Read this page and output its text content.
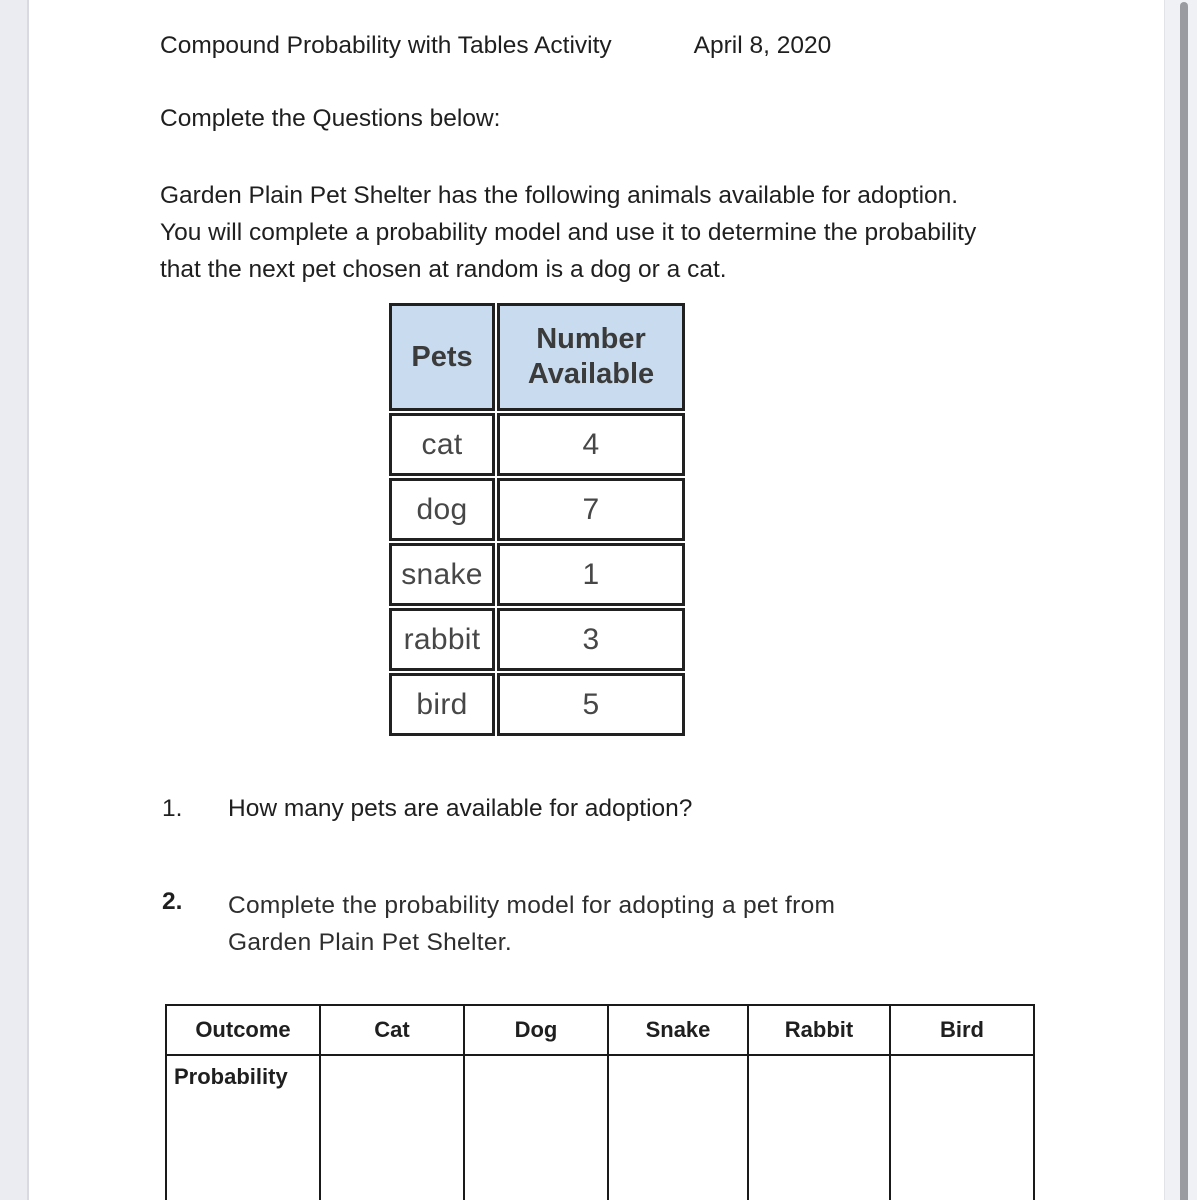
Compound Probability with Tables Activity	April 8, 2020
Complete the Questions below:
Garden Plain Pet Shelter has the following animals available for adoption.
You will complete a probability model and use it to determine the probability
that the next pet chosen at random is a dog or a cat.
Pets	Number Available
cat	4
dog	7
snake	1
rabbit	3
bird	5
1.	How many pets are available for adoption?
2.	Complete the probability model for adopting a pet from
Garden Plain Pet Shelter.
Outcome	Cat	Dog	Snake	Rabbit	Bird
Probability					
